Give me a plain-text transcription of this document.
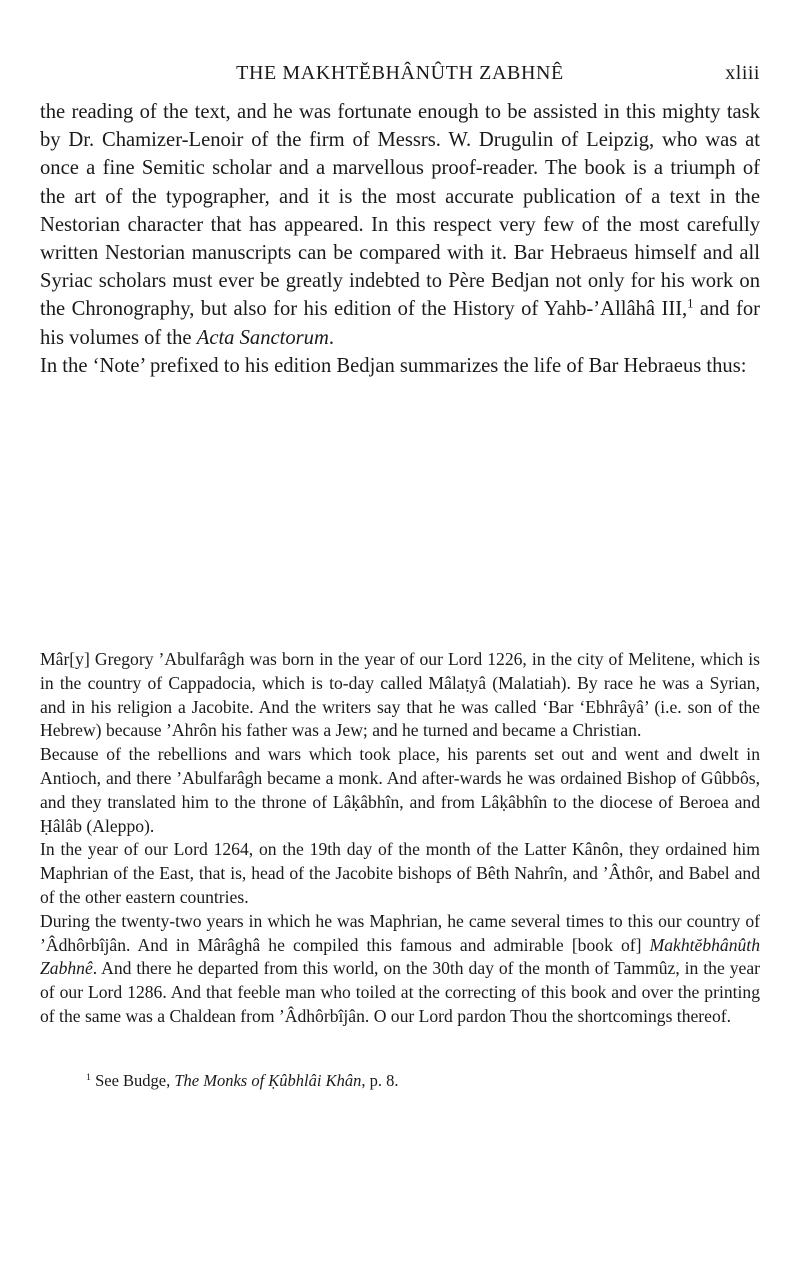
THE MAKHTĔBHÂNÛTH ZABHNÊ	xliii

the reading of the text, and he was fortunate enough to be assisted in this mighty task by Dr. Chamizer-Lenoir of the firm of Messrs. W. Drugulin of Leipzig, who was at once a fine Semitic scholar and a marvellous proof-reader. The book is a triumph of the art of the typographer, and it is the most accurate publication of a text in the Nestorian character that has appeared. In this respect very few of the most carefully written Nestorian manuscripts can be compared with it. Bar Hebraeus himself and all Syriac scholars must ever be greatly indebted to Père Bedjan not only for his work on the Chronography, but also for his edition of the History of Yahb-’Allâhâ III,$^1$ and for his volumes of the Acta Sanctorum.

In the ‘Note’ prefixed to his edition Bedjan summarizes the life of Bar Hebraeus thus:

Mâr[y] Gregory ’Abulfarâgh was born in the year of our Lord 1226, in the city of Melitene, which is in the country of Cappadocia, which is to-day called Mâlaṭyâ (Malatiah). By race he was a Syrian, and in his religion a Jacobite. And the writers say that he was called ‘Bar ‘Ebhrâyâ’ (i.e. son of the Hebrew) because ’Ahrôn his father was a Jew; and he turned and became a Christian.

Because of the rebellions and wars which took place, his parents set out and went and dwelt in Antioch, and there ’Abulfarâgh became a monk. And after-wards he was ordained Bishop of Gûbbôs, and they translated him to the throne of Lâḳâbhîn, and from Lâḳâbhîn to the diocese of Beroea and Ḥâlâb (Aleppo).

In the year of our Lord 1264, on the 19th day of the month of the Latter Kânôn, they ordained him Maphrian of the East, that is, head of the Jacobite bishops of Bêth Nahrîn, and ’Âthôr, and Babel and of the other eastern countries.

During the twenty-two years in which he was Maphrian, he came several times to this our country of ’Âdhôrbîjân. And in Mârâghâ he compiled this famous and admirable [book of] Makhtĕbhânûth Zabhnê. And there he departed from this world, on the 30th day of the month of Tammûz, in the year of our Lord 1286. And that feeble man who toiled at the correcting of this book and over the printing of the same was a Chaldean from ’Âdhôrbîjân. O our Lord pardon Thou the shortcomings thereof.

$^1$ See Budge, The Monks of Ḳûbhlâi Khân, p. 8.
